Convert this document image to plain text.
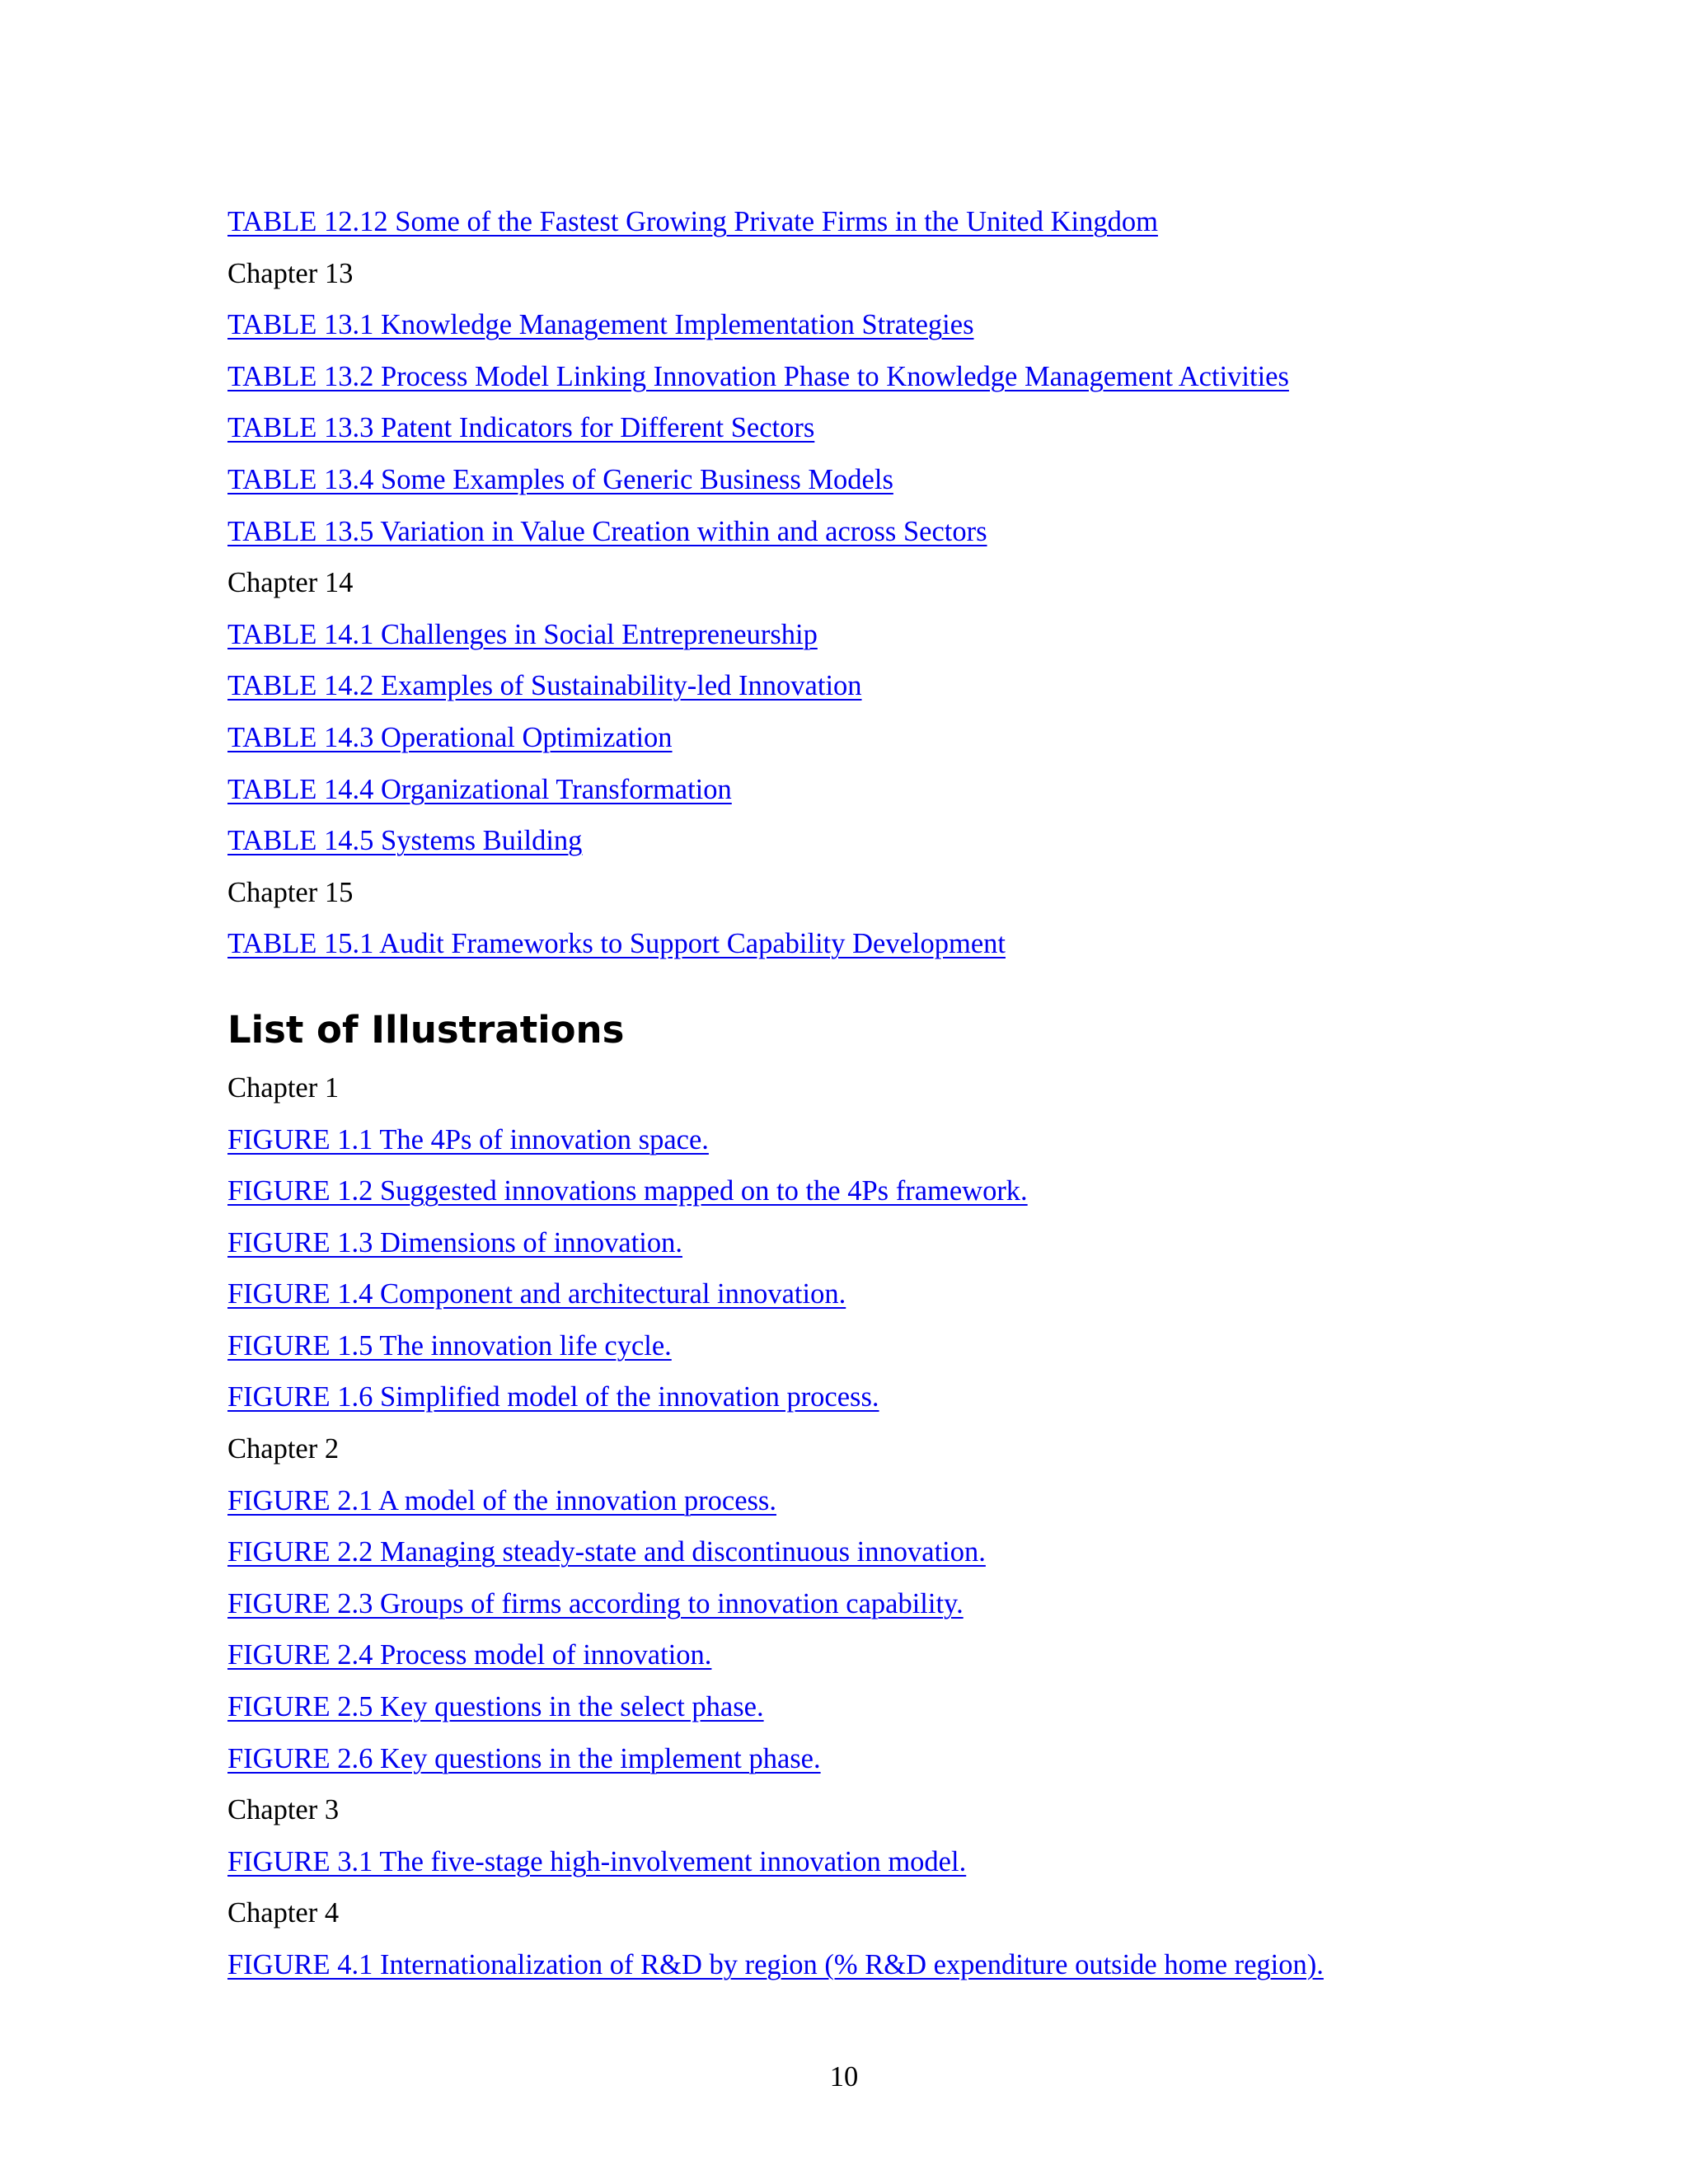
TABLE 12.12 Some of the Fastest Growing Private Firms in the United Kingdom
Chapter 13
TABLE 13.1 Knowledge Management Implementation Strategies
TABLE 13.2 Process Model Linking Innovation Phase to Knowledge Management Activities
TABLE 13.3 Patent Indicators for Different Sectors
TABLE 13.4 Some Examples of Generic Business Models
TABLE 13.5 Variation in Value Creation within and across Sectors
Chapter 14
TABLE 14.1 Challenges in Social Entrepreneurship
TABLE 14.2 Examples of Sustainability-led Innovation
TABLE 14.3 Operational Optimization
TABLE 14.4 Organizational Transformation
TABLE 14.5 Systems Building
Chapter 15
TABLE 15.1 Audit Frameworks to Support Capability Development
List of Illustrations
Chapter 1
FIGURE 1.1 The 4Ps of innovation space.
FIGURE 1.2 Suggested innovations mapped on to the 4Ps framework.
FIGURE 1.3 Dimensions of innovation.
FIGURE 1.4 Component and architectural innovation.
FIGURE 1.5 The innovation life cycle.
FIGURE 1.6 Simplified model of the innovation process.
Chapter 2
FIGURE 2.1 A model of the innovation process.
FIGURE 2.2 Managing steady-state and discontinuous innovation.
FIGURE 2.3 Groups of firms according to innovation capability.
FIGURE 2.4 Process model of innovation.
FIGURE 2.5 Key questions in the select phase.
FIGURE 2.6 Key questions in the implement phase.
Chapter 3
FIGURE 3.1 The five-stage high-involvement innovation model.
Chapter 4
FIGURE 4.1 Internationalization of R&D by region (% R&D expenditure outside home region).
10
